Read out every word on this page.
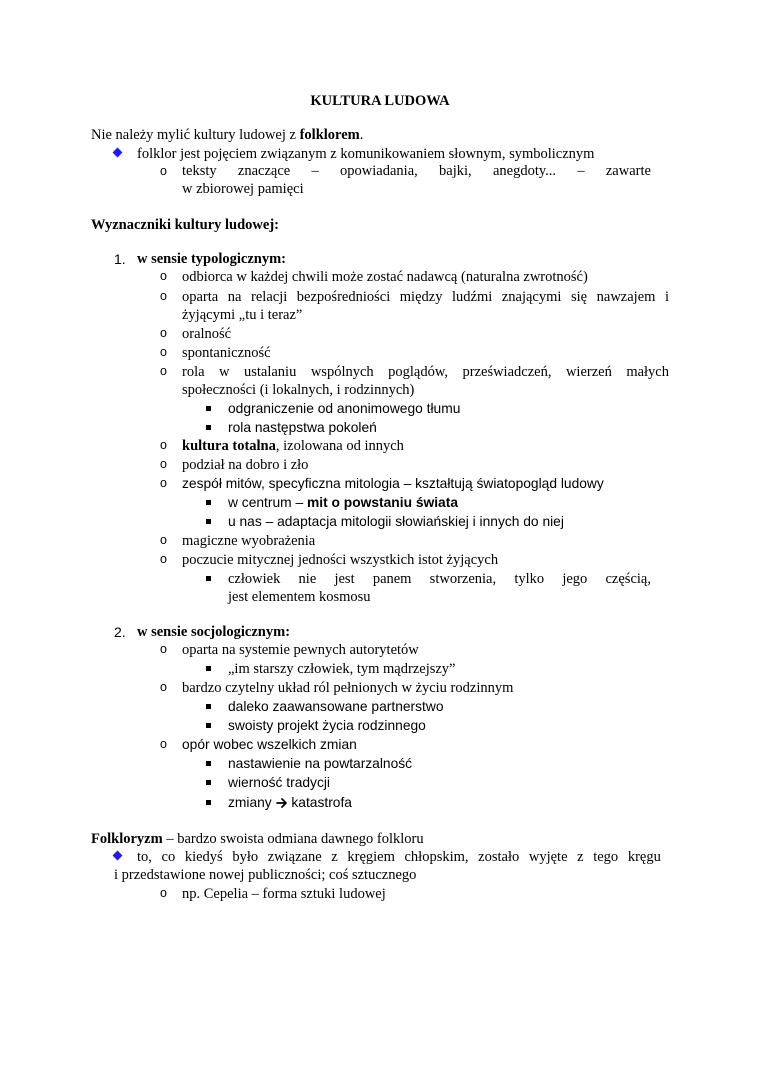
KULTURA LUDOWA
Nie należy mylić kultury ludowej z folklorem.
folklor jest pojęciem związanym z komunikowaniem słownym, symbolicznym
o teksty znaczące – opowiadania, bajki, anegdoty... – zawarte
w zbiorowej pamięci
Wyznaczniki kultury ludowej:
1. w sensie typologicznym:
o odbiorca w każdej chwili może zostać nadawcą (naturalna zwrotność)
o oparta na relacji bezpośredniości między ludźmi znającymi się nawzajem i
żyjącymi „tu i teraz”
o oralność
o spontaniczność
o rola w ustalaniu wspólnych poglądów, przeświadczeń, wierzeń małych
społeczności (i lokalnych, i rodzinnych)
odgraniczenie od anonimowego tłumu
rola następstwa pokoleń
o kultura totalna, izolowana od innych
o podział na dobro i zło
o zespół mitów, specyficzna mitologia – kształtują światopogląd ludowy
w centrum – mit o powstaniu świata
u nas – adaptacja mitologii słowiańskiej i innych do niej
o magiczne wyobrażenia
o poczucie mitycznej jedności wszystkich istot żyjących
człowiek nie jest panem stworzenia, tylko jego częścią,
jest elementem kosmosu
2. w sensie socjologicznym:
o oparta na systemie pewnych autorytetów
„im starszy człowiek, tym mądrzejszy”
o bardzo czytelny układ ról pełnionych w życiu rodzinnym
daleko zaawansowane partnerstwo
swoisty projekt życia rodzinnego
o opór wobec wszelkich zmian
nastawienie na powtarzalność
wierność tradycji
zmiany katastrofa
Folkloryzm – bardzo swoista odmiana dawnego folkloru
to, co kiedyś było związane z kręgiem chłopskim, zostało wyjęte z tego kręgu
i przedstawione nowej publiczności; coś sztucznego
o np. Cepelia – forma sztuki ludowej
